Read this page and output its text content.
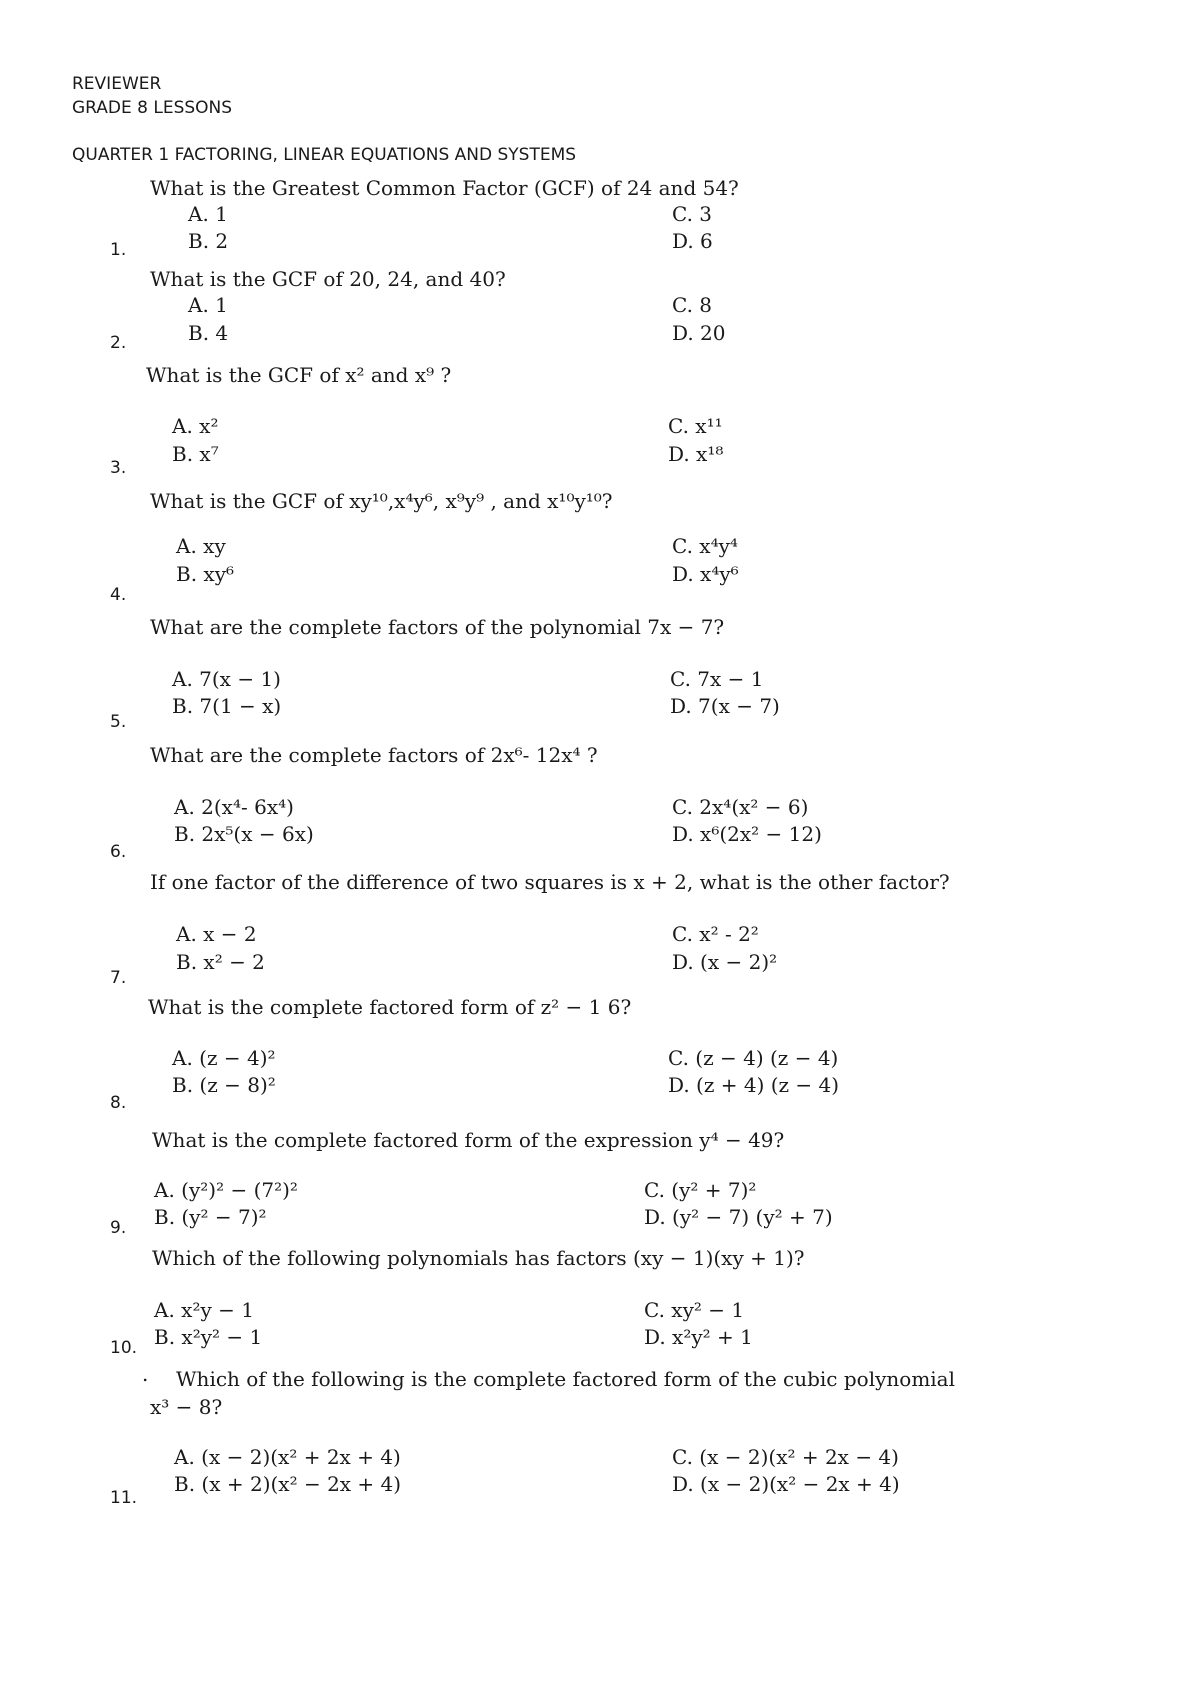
REVIEWER
GRADE 8 LESSONS
QUARTER 1 FACTORING, LINEAR EQUATIONS AND SYSTEMS
What is the Greatest Common Factor (GCF) of 24 and 54?
A. 1	C. 3
B. 2	D. 6
1.
What is the GCF of 20, 24, and 40?
A. 1	C. 8
B. 4	D. 20
2.
What is the GCF of x² and x⁹ ?
A. x²	C. x¹¹
B. x⁷	D. x¹⁸
3.
What is the GCF of xy¹⁰,x⁴y⁶, x⁹y⁹ , and x¹⁰y¹⁰?
A. xy	C. x⁴y⁴
B. xy⁶	D. x⁴y⁶
4.
What are the complete factors of the polynomial 7x − 7?
A. 7(x − 1)	C. 7x − 1
B. 7(1 − x)	D. 7(x − 7)
5.
What are the complete factors of 2x⁶- 12x⁴ ?
A. 2(x⁴- 6x⁴)	C. 2x⁴(x² − 6)
B. 2x⁵(x − 6x)	D. x⁶(2x² − 12)
6.
If one factor of the difference of two squares is x + 2, what is the other factor?
A. x − 2	C. x² - 2²
B. x² − 2	D. (x − 2)²
7.
What is the complete factored form of z² − 1 6?
A. (z − 4)²	C. (z − 4) (z − 4)
B. (z − 8)²	D. (z + 4) (z − 4)
8.
What is the complete factored form of the expression y⁴ − 49?
A. (y²)² − (7²)²	C. (y² + 7)²
B. (y² − 7)²	D. (y² − 7) (y² + 7)
9.
Which of the following polynomials has factors (xy − 1)(xy + 1)?
A. x²y − 1	C. xy² − 1
B. x²y² − 1	D. x²y² + 1
10.
. Which of the following is the complete factored form of the cubic polynomial
x³ − 8?
A. (x − 2)(x² + 2x + 4)	C. (x − 2)(x² + 2x − 4)
B. (x + 2)(x² − 2x + 4)	D. (x − 2)(x² − 2x + 4)
11.
